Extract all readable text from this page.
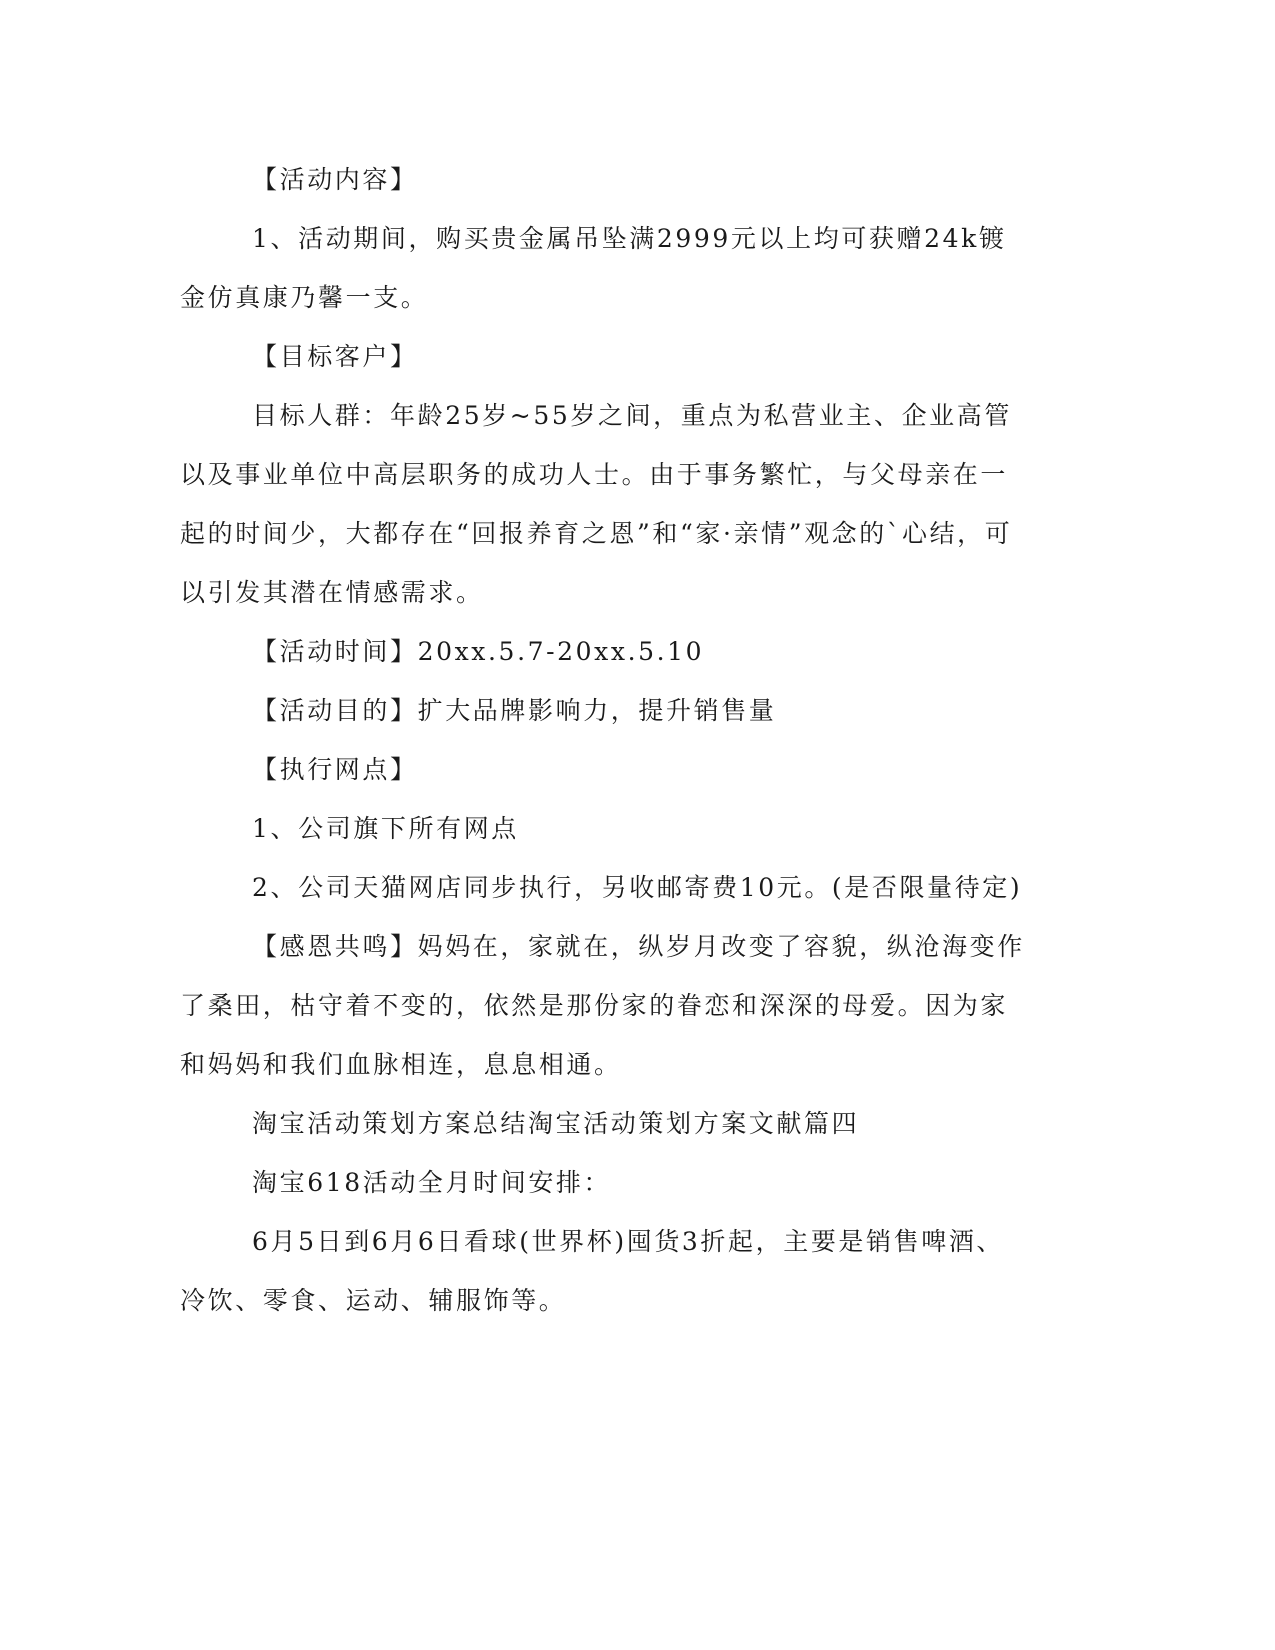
【活动内容】

1、活动期间，购买贵金属吊坠满2999元以上均可获赠24k镀金仿真康乃馨一支。

【目标客户】

目标人群：年龄25岁~55岁之间，重点为私营业主、企业高管以及事业单位中高层职务的成功人士。由于事务繁忙，与父母亲在一起的时间少，大都存在“回报养育之恩”和“家·亲情”观念的`心结，可以引发其潜在情感需求。

【活动时间】20xx.5.7-20xx.5.10

【活动目的】扩大品牌影响力，提升销售量

【执行网点】

1、公司旗下所有网点

2、公司天猫网店同步执行，另收邮寄费10元。(是否限量待定)

【感恩共鸣】妈妈在，家就在，纵岁月改变了容貌，纵沧海变作了桑田，枯守着不变的，依然是那份家的眷恋和深深的母爱。因为家和妈妈和我们血脉相连，息息相通。

淘宝活动策划方案总结淘宝活动策划方案文献篇四

淘宝618活动全月时间安排：

6月5日到6月6日看球(世界杯)囤货3折起，主要是销售啤酒、冷饮、零食、运动、辅服饰等。
